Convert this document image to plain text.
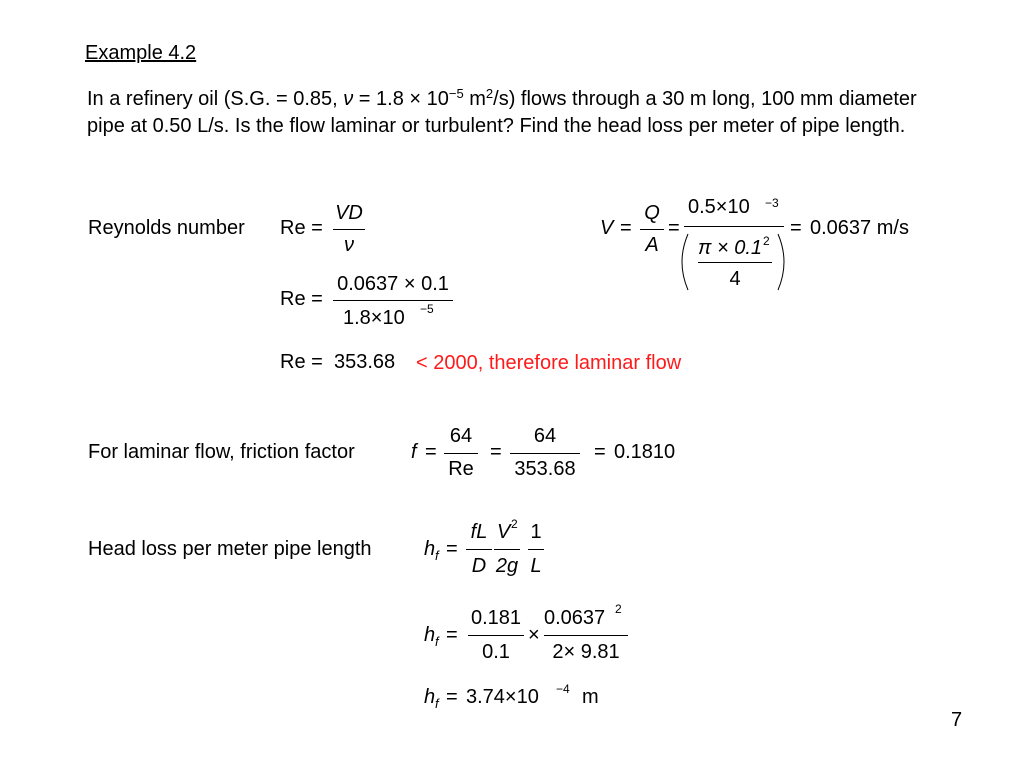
Example 4.2
In a refinery oil (S.G. = 0.85, $\nu = 1.8 \times 10^{-5}$ $m^2/s$) flows through a 30 m long, 100 mm diameter pipe at 0.50 L/s. Is the flow laminar or turbulent? Find the head loss per meter of pipe length.
Reynolds number Re =
VD
ν
Re =
0.0637 × 0.1
1.8×10 −5
Re = 353.68 < 2000, therefore laminar flow
V =
Q
A
=
0.5×10 −3
π × 0.1 2
4
= 0.0637 m/s
For laminar flow, friction factor	f =
64
Re
=
64
353.68
= 0.1810
Head loss per meter pipe length	h f =
fL
D
V 2
2g
1
L
h f =
0.181
0.1
×
0.0637 2
2× 9.81
h f = 3.74×10 −4 m
7
